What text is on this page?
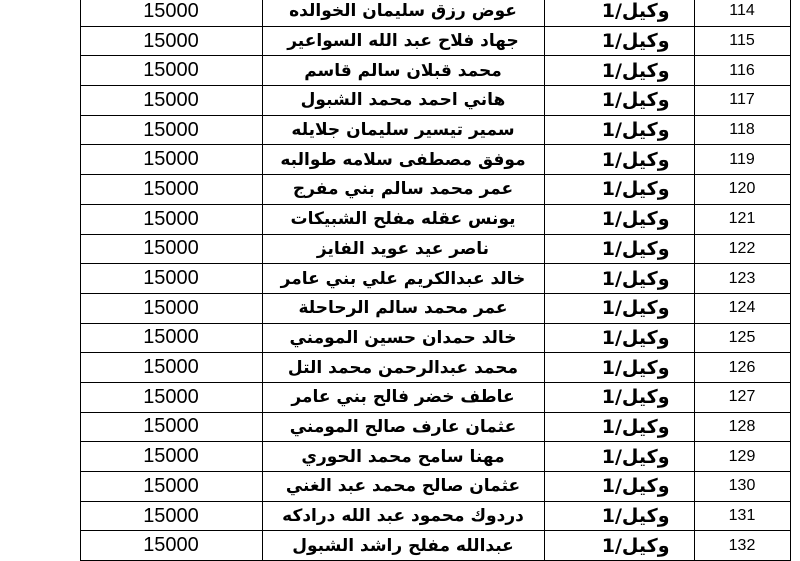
	15000	عوض رزق سليمان الخوالده	وكيل/1	114
	15000	جهاد فلاح عبد الله السواعير	وكيل/1	115
	15000	محمد قبلان سالم قاسم	وكيل/1	116
	15000	هاني احمد محمد الشبول	وكيل/1	117
	15000	سمير تيسير سليمان جلايله	وكيل/1	118
	15000	موفق مصطفى سلامه طوالبه	وكيل/1	119
	15000	عمر محمد سالم بني مفرج	وكيل/1	120
	15000	يونس عقله مفلح الشبيكات	وكيل/1	121
	15000	ناصر عيد عويد الفايز	وكيل/1	122
	15000	خالد عبدالكريم علي بني عامر	وكيل/1	123
	15000	عمر محمد سالم الرحاحلة	وكيل/1	124
	15000	خالد حمدان حسين المومني	وكيل/1	125
	15000	محمد عبدالرحمن محمد التل	وكيل/1	126
	15000	عاطف خضر فالح بني عامر	وكيل/1	127
	15000	عثمان عارف صالح المومني	وكيل/1	128
	15000	مهنا سامح محمد الحوري	وكيل/1	129
	15000	عثمان صالح محمد عبد الغني	وكيل/1	130
	15000	دردوك محمود عبد الله درادكه	وكيل/1	131
	15000	عبدالله مفلح راشد الشبول	وكيل/1	132
